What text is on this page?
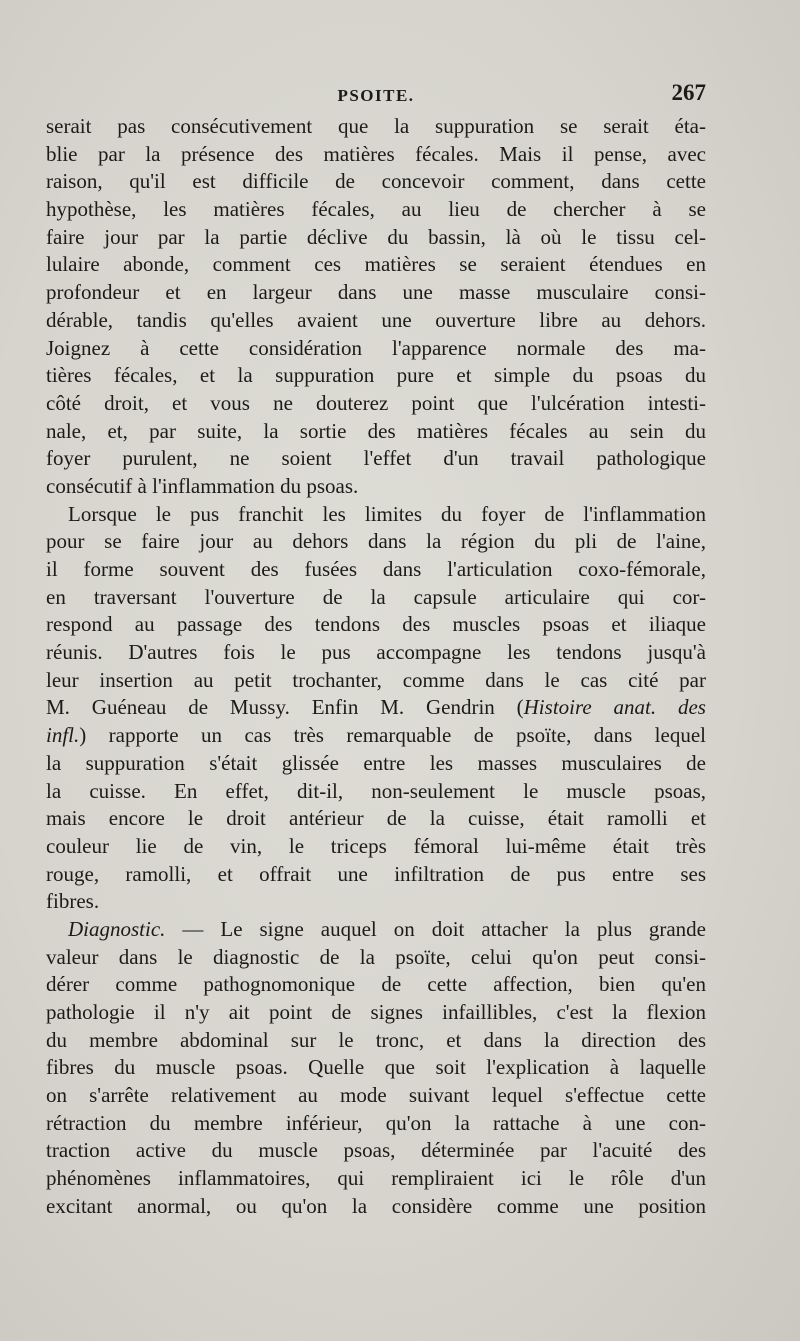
PSOITE.	267
serait pas consécutivement que la suppuration se serait éta-
blie par la présence des matières fécales. Mais il pense, avec
raison, qu'il est difficile de concevoir comment, dans cette
hypothèse, les matières fécales, au lieu de chercher à se
faire jour par la partie déclive du bassin, là où le tissu cel-
lulaire abonde, comment ces matières se seraient étendues en
profondeur et en largeur dans une masse musculaire consi-
dérable, tandis qu'elles avaient une ouverture libre au dehors.
Joignez à cette considération l'apparence normale des ma-
tières fécales, et la suppuration pure et simple du psoas du
côté droit, et vous ne douterez point que l'ulcération intesti-
nale, et, par suite, la sortie des matières fécales au sein du
foyer purulent, ne soient l'effet d'un travail pathologique
consécutif à l'inflammation du psoas.
Lorsque le pus franchit les limites du foyer de l'inflammation
pour se faire jour au dehors dans la région du pli de l'aine,
il forme souvent des fusées dans l'articulation coxo-fémorale,
en traversant l'ouverture de la capsule articulaire qui cor-
respond au passage des tendons des muscles psoas et iliaque
réunis. D'autres fois le pus accompagne les tendons jusqu'à
leur insertion au petit trochanter, comme dans le cas cité par
M. Guéneau de Mussy. Enfin M. Gendrin (Histoire anat. des
infl.) rapporte un cas très remarquable de psoïte, dans lequel
la suppuration s'était glissée entre les masses musculaires de
la cuisse. En effet, dit-il, non-seulement le muscle psoas,
mais encore le droit antérieur de la cuisse, était ramolli et
couleur lie de vin, le triceps fémoral lui-même était très
rouge, ramolli, et offrait une infiltration de pus entre ses
fibres.
Diagnostic. — Le signe auquel on doit attacher la plus grande
valeur dans le diagnostic de la psoïte, celui qu'on peut consi-
dérer comme pathognomonique de cette affection, bien qu'en
pathologie il n'y ait point de signes infaillibles, c'est la flexion
du membre abdominal sur le tronc, et dans la direction des
fibres du muscle psoas. Quelle que soit l'explication à laquelle
on s'arrête relativement au mode suivant lequel s'effectue cette
rétraction du membre inférieur, qu'on la rattache à une con-
traction active du muscle psoas, déterminée par l'acuité des
phénomènes inflammatoires, qui rempliraient ici le rôle d'un
excitant anormal, ou qu'on la considère comme une position
